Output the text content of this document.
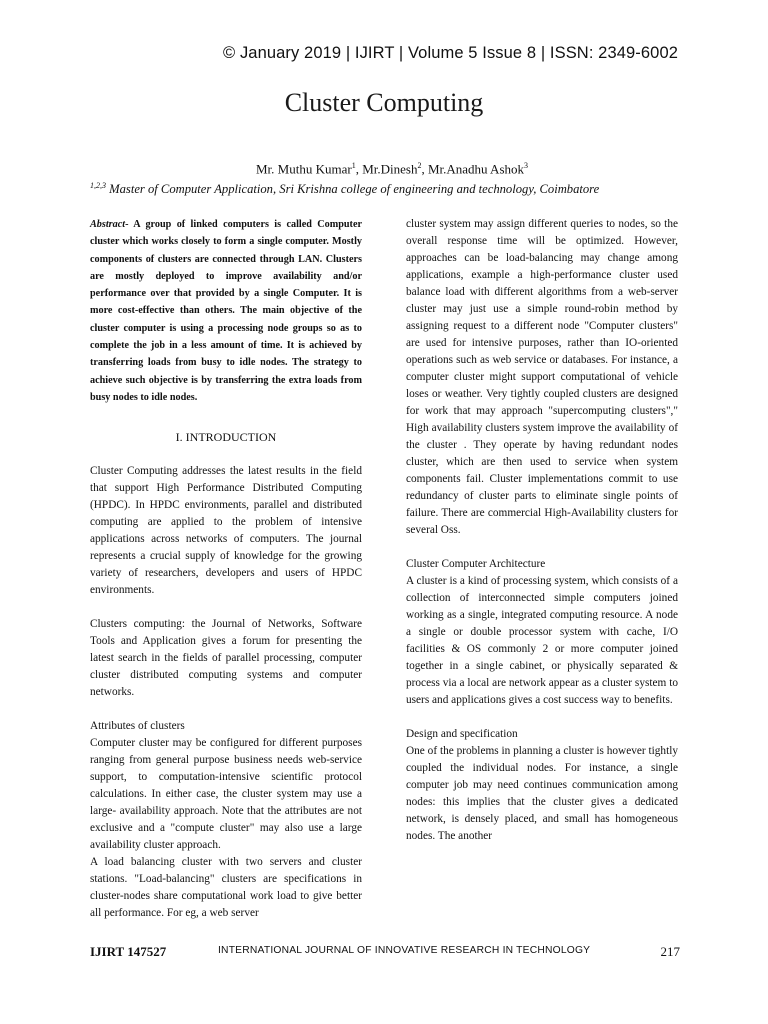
© January 2019 | IJIRT | Volume 5 Issue 8 | ISSN: 2349-6002
Cluster Computing
Mr. Muthu Kumar$^1$, Mr.Dinesh$^2$, Mr.Anadhu Ashok$^3$
$^{1,2,3}$ Master of Computer Application, Sri Krishna college of engineering and technology, Coimbatore

Abstract- A group of linked computers is called Computer cluster which works closely to form a single computer. Mostly components of clusters are connected through LAN. Clusters are mostly deployed to improve availability and/or performance over that provided by a single Computer. It is more cost-effective than others. The main objective of the cluster computer is using a processing node groups so as to complete the job in a less amount of time. It is achieved by transferring loads from busy to idle nodes. The strategy to achieve such objective is by transferring the extra loads from busy nodes to idle nodes.

I. INTRODUCTION

Cluster Computing addresses the latest results in the field that support High Performance Distributed Computing (HPDC). In HPDC environments, parallel and distributed computing are applied to the problem of intensive applications across networks of computers. The journal represents a crucial supply of knowledge for the growing variety of researchers, developers and users of HPDC environments.

Clusters computing: the Journal of Networks, Software Tools and Application gives a forum for presenting the latest search in the fields of parallel processing, computer cluster distributed computing systems and computer networks.

Attributes of clusters

Computer cluster may be configured for different purposes ranging from general purpose business needs web-service support, to computation-intensive scientific protocol calculations. In either case, the cluster system may use a large- availability approach. Note that the attributes are not exclusive and a "compute cluster" may also use a large availability cluster approach.

A load balancing cluster with two servers and cluster stations. "Load-balancing" clusters are specifications in cluster-nodes share computational work load to give better all performance. For eg, a web server

cluster system may assign different queries to nodes, so the overall response time will be optimized. However, approaches can be load-balancing may change among applications, example a high-performance cluster used balance load with different algorithms from a web-server cluster may just use a simple round-robin method by assigning request to a different node "Computer clusters" are used for intensive purposes, rather than IO-oriented operations such as web service or databases. For instance, a computer cluster might support computational of vehicle loses or weather. Very tightly coupled clusters are designed for work that may approach "supercomputing clusters"," High availability clusters system improve the availability of the cluster . They operate by having redundant nodes cluster, which are then used to service when system components fail. Cluster implementations commit to use redundancy of cluster parts to eliminate single points of failure. There are commercial High-Availability clusters for several Oss.

Cluster Computer Architecture

A cluster is a kind of processing system, which consists of a collection of interconnected simple computers joined working as a single, integrated computing resource. A node a single or double processor system with cache, I/O facilities & OS commonly 2 or more computer joined together in a single cabinet, or physically separated & process via a local are network appear as a cluster system to users and applications gives a cost success way to benefits.

Design and specification

One of the problems in planning a cluster is however tightly coupled the individual nodes. For instance, a single computer job may need continues communication among nodes: this implies that the cluster gives a dedicated network, is densely placed, and small has homogeneous nodes. The another

IJIRT 147527	INTERNATIONAL JOURNAL OF INNOVATIVE RESEARCH IN TECHNOLOGY	217
